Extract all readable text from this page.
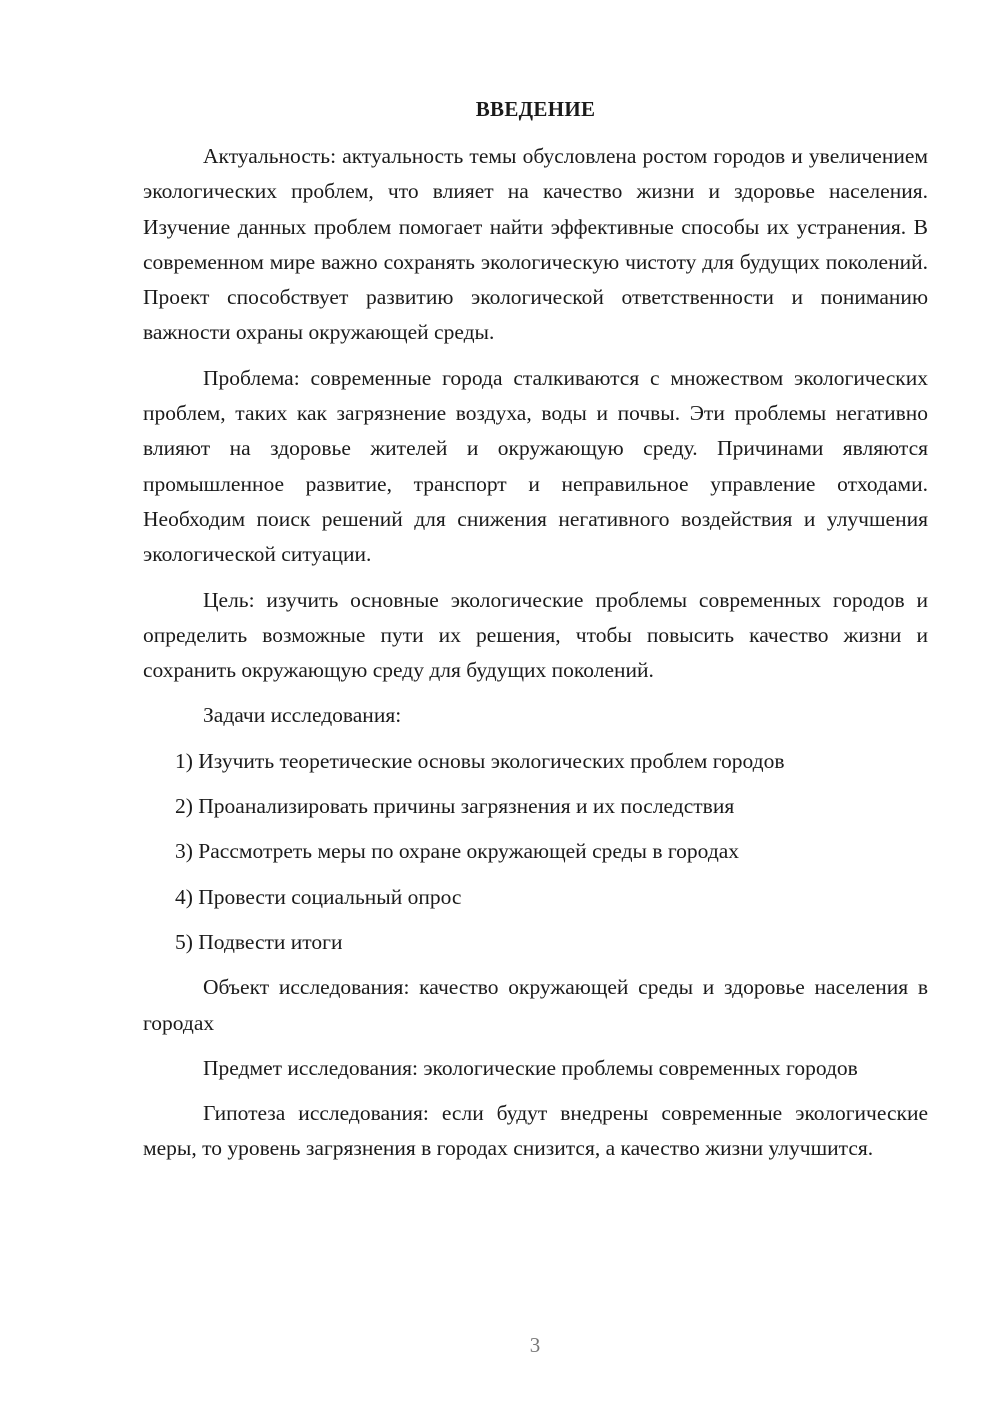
ВВЕДЕНИЕ

Актуальность: актуальность темы обусловлена ростом городов и увеличением экологических проблем, что влияет на качество жизни и здоровье населения. Изучение данных проблем помогает найти эффективные способы их устранения. В современном мире важно сохранять экологическую чистоту для будущих поколений. Проект способствует развитию экологической ответственности и пониманию важности охраны окружающей среды.

Проблема: современные города сталкиваются с множеством экологических проблем, таких как загрязнение воздуха, воды и почвы. Эти проблемы негативно влияют на здоровье жителей и окружающую среду. Причинами являются промышленное развитие, транспорт и неправильное управление отходами. Необходим поиск решений для снижения негативного воздействия и улучшения экологической ситуации.

Цель: изучить основные экологические проблемы современных городов и определить возможные пути их решения, чтобы повысить качество жизни и сохранить окружающую среду для будущих поколений.

Задачи исследования:

1) Изучить теоретические основы экологических проблем городов
2) Проанализировать причины загрязнения и их последствия
3) Рассмотреть меры по охране окружающей среды в городах
4) Провести социальный опрос
5) Подвести итоги

Объект исследования: качество окружающей среды и здоровье населения в городах

Предмет исследования: экологические проблемы современных городов

Гипотеза исследования: если будут внедрены современные экологические меры, то уровень загрязнения в городах снизится, а качество жизни улучшится.

3
